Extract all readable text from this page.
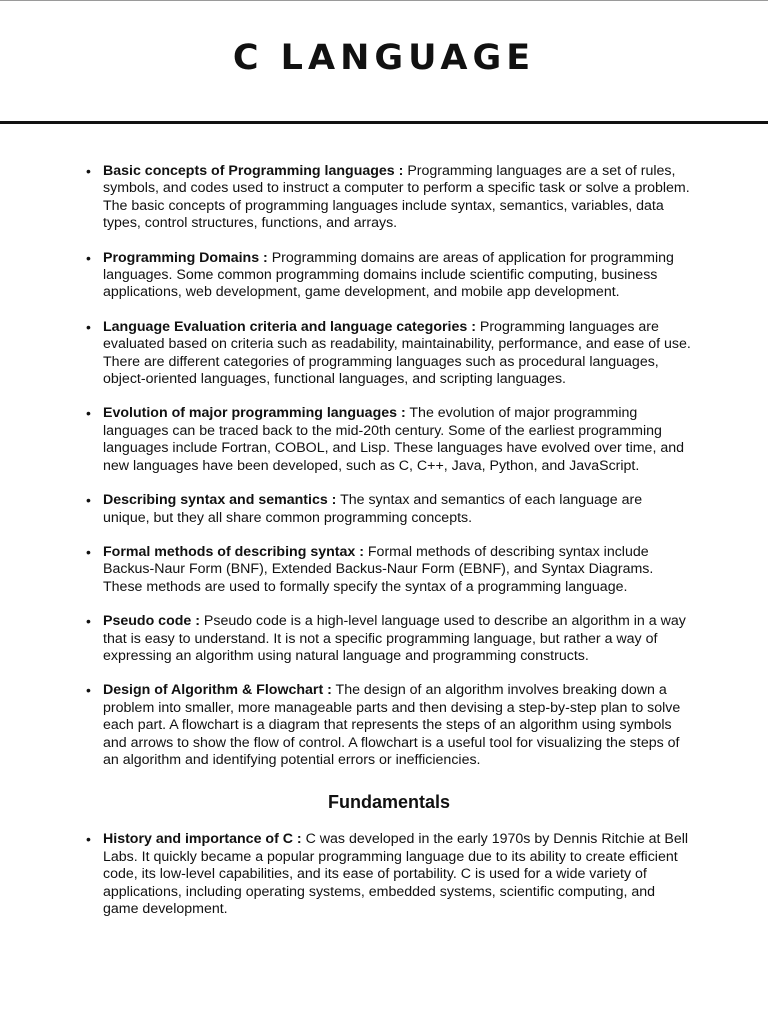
C LANGUAGE
• Basic concepts of Programming languages : Programming languages are a set of rules, symbols, and codes used to instruct a computer to perform a specific task or solve a problem. The basic concepts of programming languages include syntax, semantics, variables, data types, control structures, functions, and arrays.
• Programming Domains : Programming domains are areas of application for programming languages. Some common programming domains include scientific computing, business applications, web development, game development, and mobile app development.
• Language Evaluation criteria and language categories : Programming languages are evaluated based on criteria such as readability, maintainability, performance, and ease of use. There are different categories of programming languages such as procedural languages, object-oriented languages, functional languages, and scripting languages.
• Evolution of major programming languages : The evolution of major programming languages can be traced back to the mid-20th century. Some of the earliest programming languages include Fortran, COBOL, and Lisp. These languages have evolved over time, and new languages have been developed, such as C, C++, Java, Python, and JavaScript.
• Describing syntax and semantics : The syntax and semantics of each language are unique, but they all share common programming concepts.
• Formal methods of describing syntax : Formal methods of describing syntax include Backus-Naur Form (BNF), Extended Backus-Naur Form (EBNF), and Syntax Diagrams. These methods are used to formally specify the syntax of a programming language.
• Pseudo code : Pseudo code is a high-level language used to describe an algorithm in a way that is easy to understand. It is not a specific programming language, but rather a way of expressing an algorithm using natural language and programming constructs.
• Design of Algorithm & Flowchart : The design of an algorithm involves breaking down a problem into smaller, more manageable parts and then devising a step-by-step plan to solve each part. A flowchart is a diagram that represents the steps of an algorithm using symbols and arrows to show the flow of control. A flowchart is a useful tool for visualizing the steps of an algorithm and identifying potential errors or inefficiencies.
Fundamentals
• History and importance of C : C was developed in the early 1970s by Dennis Ritchie at Bell Labs. It quickly became a popular programming language due to its ability to create efficient code, its low-level capabilities, and its ease of portability. C is used for a wide variety of applications, including operating systems, embedded systems, scientific computing, and game development.
